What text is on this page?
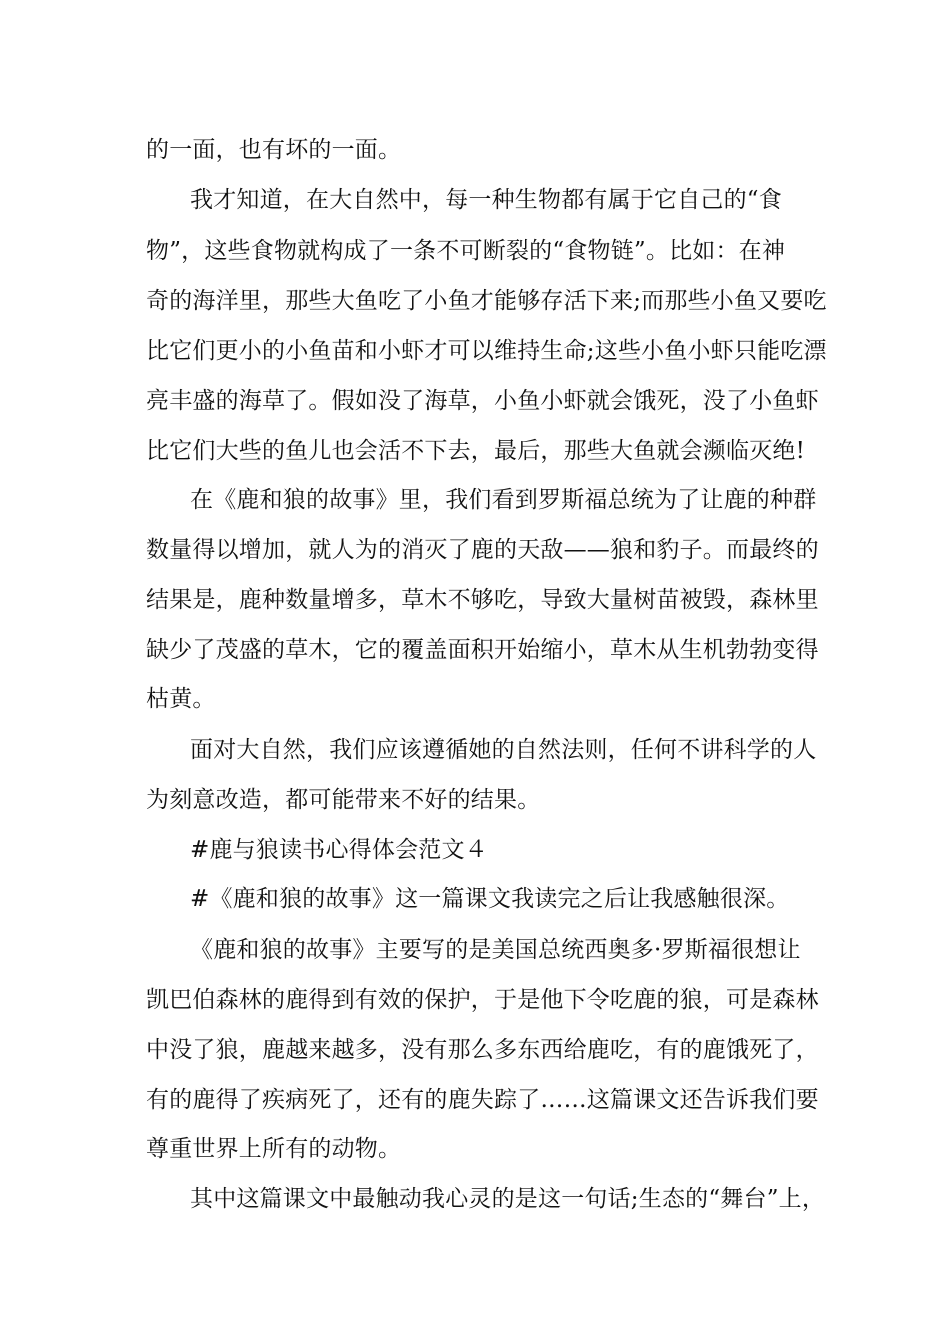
的一面，也有坏的一面。
我才知道，在大自然中，每一种生物都有属于它自己的“食
物”，这些食物就构成了一条不可断裂的“食物链”。比如：在神
奇的海洋里，那些大鱼吃了小鱼才能够存活下来;而那些小鱼又要吃
比它们更小的小鱼苗和小虾才可以维持生命;这些小鱼小虾只能吃漂
亮丰盛的海草了。假如没了海草，小鱼小虾就会饿死，没了小鱼虾
比它们大些的鱼儿也会活不下去，最后，那些大鱼就会濒临灭绝!
在《鹿和狼的故事》里，我们看到罗斯福总统为了让鹿的种群
数量得以增加，就人为的消灭了鹿的天敌——狼和豹子。而最终的
结果是，鹿种数量增多，草木不够吃，导致大量树苗被毁，森林里
缺少了茂盛的草木，它的覆盖面积开始缩小，草木从生机勃勃变得
枯黄。
面对大自然，我们应该遵循她的自然法则，任何不讲科学的人
为刻意改造，都可能带来不好的结果。
#鹿与狼读书心得体会范文４
#《鹿和狼的故事》这一篇课文我读完之后让我感触很深。
《鹿和狼的故事》主要写的是美国总统西奥多·罗斯福很想让
凯巴伯森林的鹿得到有效的保护，于是他下令吃鹿的狼，可是森林
中没了狼，鹿越来越多，没有那么多东西给鹿吃，有的鹿饿死了，
有的鹿得了疾病死了，还有的鹿失踪了……这篇课文还告诉我们要
尊重世界上所有的动物。
其中这篇课文中最触动我心灵的是这一句话;生态的“舞台”上，
